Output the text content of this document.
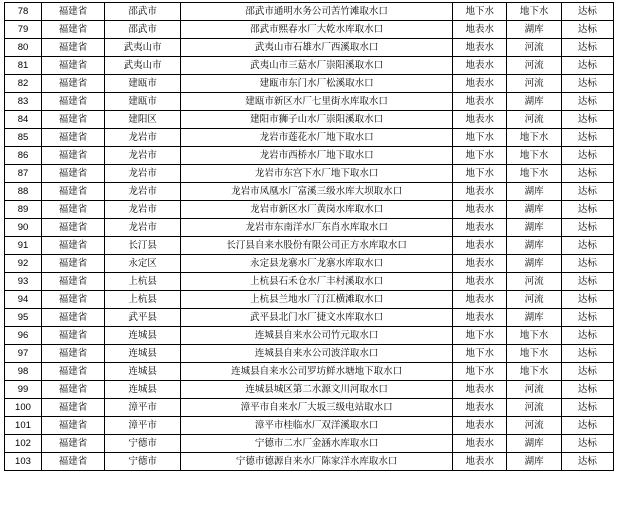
78	福建省	邵武市	邵武市通明水务公司苦竹滩取水口	地下水	地下水	达标
79	福建省	邵武市	邵武市熙春水厂大乾水库取水口	地表水	湖库	达标
80	福建省	武夷山市	武夷山市石雄水厂西溪取水口	地表水	河流	达标
81	福建省	武夷山市	武夷山市三菇水厂崇阳溪取水口	地表水	河流	达标
82	福建省	建瓯市	建瓯市东门水厂松溪取水口	地表水	河流	达标
83	福建省	建瓯市	建瓯市新区水厂七里街水库取水口	地表水	湖库	达标
84	福建省	建阳区	建阳市狮子山水厂崇阳溪取水口	地表水	河流	达标
85	福建省	龙岩市	龙岩市莲花水厂地下取水口	地下水	地下水	达标
86	福建省	龙岩市	龙岩市西桥水厂地下取水口	地下水	地下水	达标
87	福建省	龙岩市	龙岩市东宫下水厂地下取水口	地下水	地下水	达标
88	福建省	龙岩市	龙岩市凤凰水厂富溪三级水库大坝取水口	地表水	湖库	达标
89	福建省	龙岩市	龙岩市新区水厂黄岗水库取水口	地表水	湖库	达标
90	福建省	龙岩市	龙岩市东南洋水厂东肖水库取水口	地表水	湖库	达标
91	福建省	长汀县	长汀县自来水股份有限公司正方水库取水口	地表水	湖库	达标
92	福建省	永定区	永定县龙寨水厂龙寨水库取水口	地表水	湖库	达标
93	福建省	上杭县	上杭县石禾仓水厂丰村溪取水口	地表水	河流	达标
94	福建省	上杭县	上杭县兰地水厂汀江横滩取水口	地表水	河流	达标
95	福建省	武平县	武平县北门水厂捷文水库取水口	地表水	湖库	达标
96	福建省	连城县	连城县自来水公司竹元取水口	地下水	地下水	达标
97	福建省	连城县	连城县自来水公司波洋取水口	地下水	地下水	达标
98	福建省	连城县	连城县自来水公司罗坊鲜水塘地下取水口	地下水	地下水	达标
99	福建省	连城县	连城县城区第二水源文川河取水口	地表水	河流	达标
100	福建省	漳平市	漳平市自来水厂大坂三级电站取水口	地表水	河流	达标
101	福建省	漳平市	漳平市桂临水厂双洋溪取水口	地表水	河流	达标
102	福建省	宁德市	宁德市二水厂金涵水库取水口	地表水	湖库	达标
103	福建省	宁德市	宁德市德源自来水厂陈家洋水库取水口	地表水	湖库	达标
